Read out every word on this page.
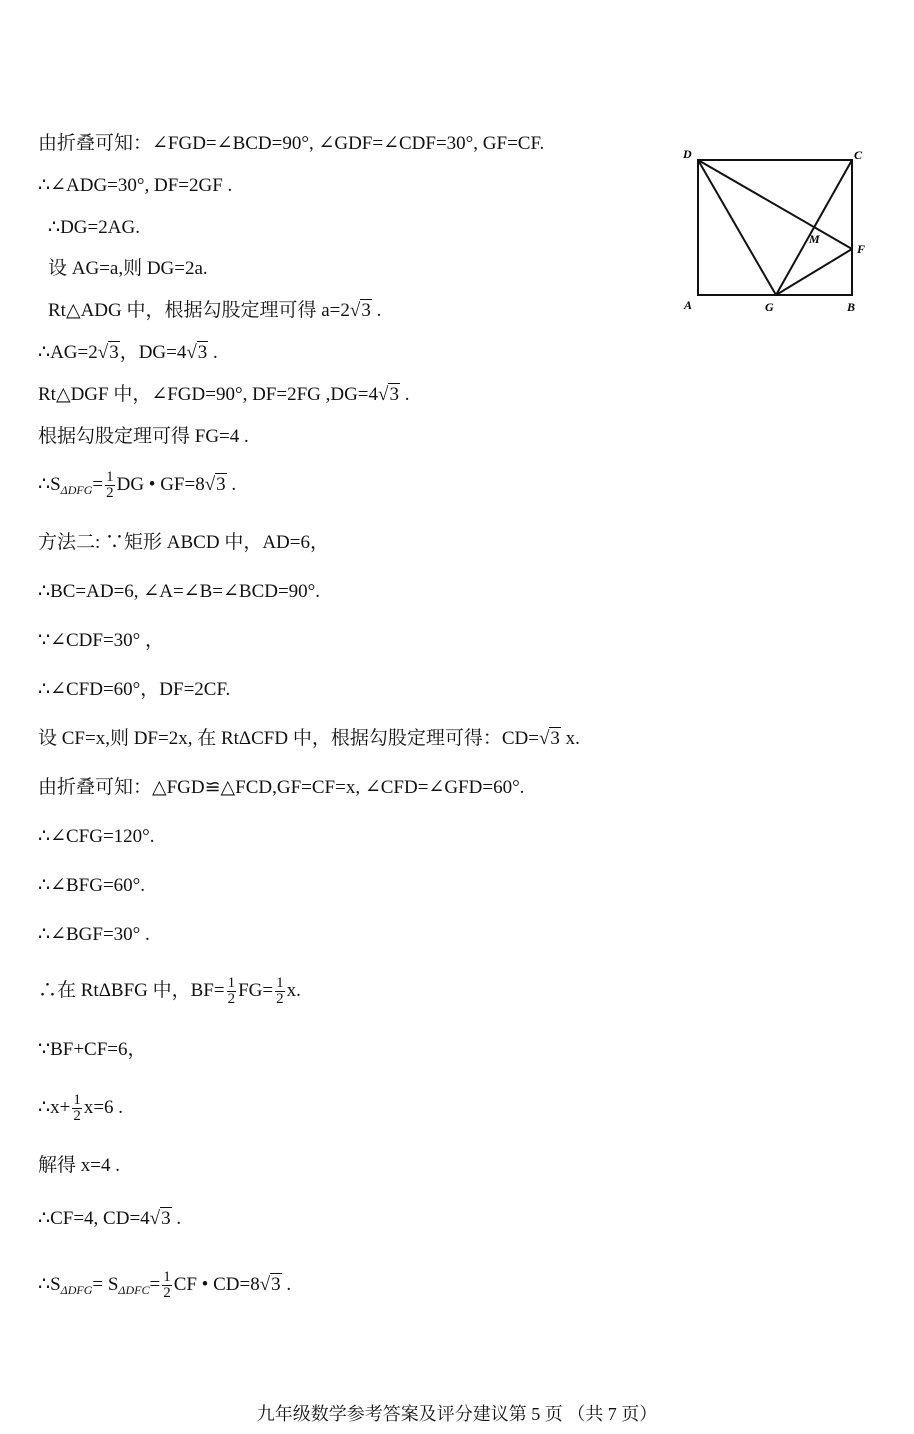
由折叠可知：∠FGD=∠BCD=90°, ∠GDF=∠CDF=30°, GF=CF.
∴∠ADG=30°, DF=2GF .
∴DG=2AG.
设 AG=a,则 DG=2a.
Rt△ADG 中，根据勾股定理可得 a=2√3 .
∴AG=2√3，DG=4√3 .
Rt△DGF 中，∠FGD=90°, DF=2FG ,DG=4√3 .
根据勾股定理可得 FG=4 .
$\therefore S_{\Delta DFG}= \frac{1}{2}$ DG • GF=8√3 .
方法二: ∵矩形 ABCD 中，AD=6，
∴BC=AD=6, ∠A=∠B=∠BCD=90°.
∵∠CDF=30° ，
∴∠CFD=60°，DF=2CF.
设 CF=x,则 DF=2x, 在 RtΔCFD 中，根据勾股定理可得：CD=√3 x.
由折叠可知：△FGD≌△FCD,GF=CF=x, ∠CFD=∠GFD=60°.
∴∠CFG=120°.
∴∠BFG=60°.
∴∠BGF=30° .
∴在 RtΔBFG 中，$BF= \frac{1}{2} FG= \frac{1}{2} x$.
∵BF+CF=6，
∴x+ $\frac{1}{2} x=6$ .
解得 x=4 .
∴CF=4, CD=4√3 .
$\therefore S_{\Delta DFG}= S_{\Delta DFC}= \frac{1}{2}$ CF • CD=8√3 .
D	C
M
F
A	G	B
九年级数学参考答案及评分建议第 5 页 （共 7 页）
